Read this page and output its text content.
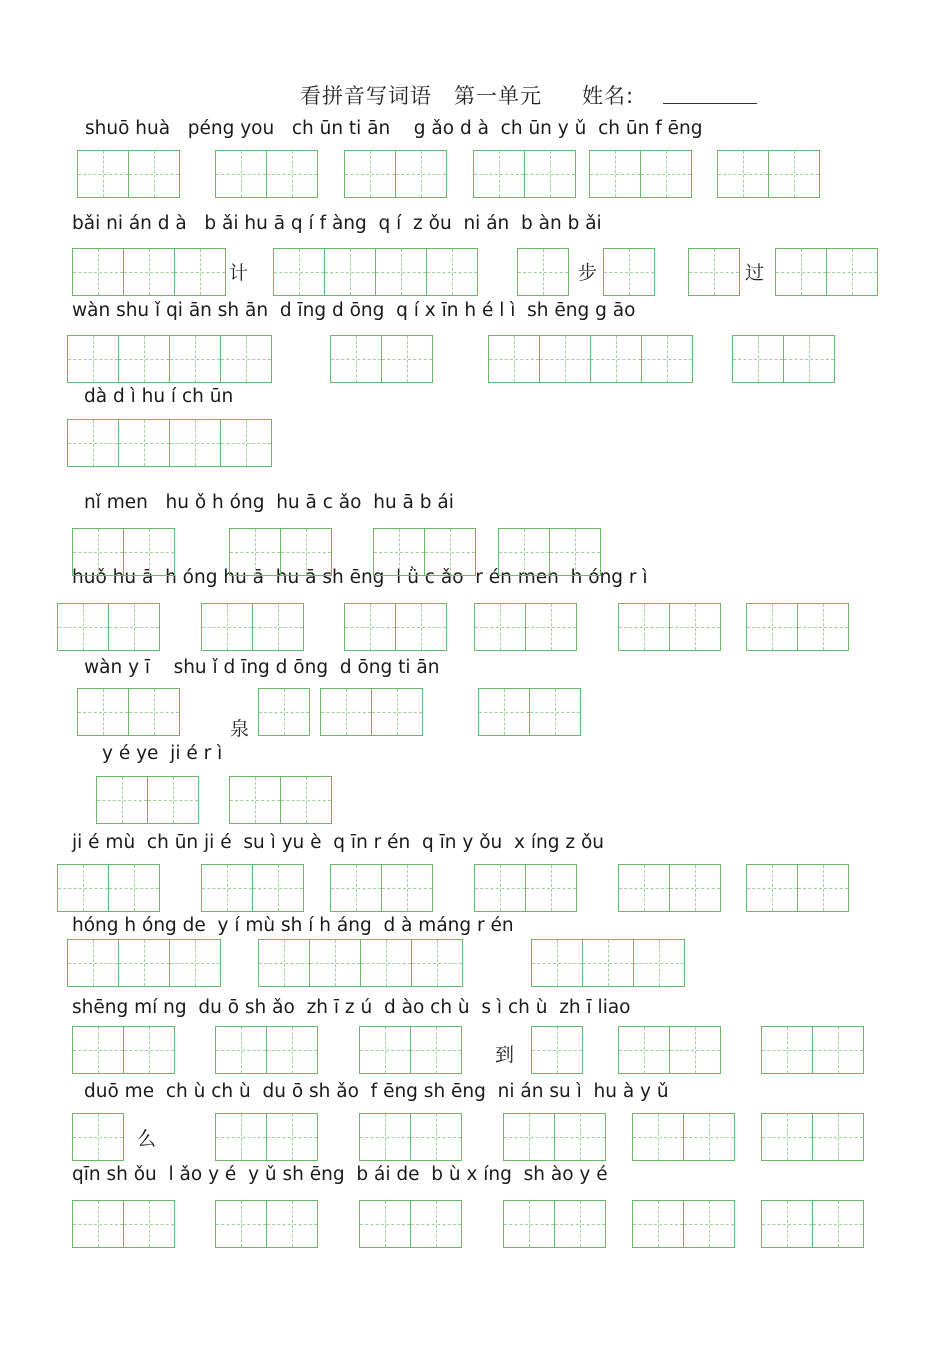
看拼音写词语 第一单元 姓名:
shuō huà   péng you   ch ūn ti ān    g ǎo d à  ch ūn y ǔ  ch ūn f ēng
bǎi ni án d à   b ǎi hu ā q í f àng  q í  z ǒu  ni án  b àn b ǎi
wàn shu ǐ qi ān sh ān  d īng d ōng  q í x īn h é l ì  sh ēng g āo
dà d ì hu í ch ūn
nǐ men   hu ǒ h óng  hu ā c ǎo  hu ā b ái
huǒ hu ā  h óng hu ā  hu ā sh ēng  l ǜ c ǎo  r én men  h óng r ì
wàn y ī    shu ǐ d īng d ōng  d ōng ti ān
y é ye  ji é r ì
ji é mù  ch ūn ji é  su ì yu è  q īn r én  q īn y ǒu  x íng z ǒu
hóng h óng de  y í mù sh í h áng  d à máng r én
shēng mí ng  du ō sh ǎo  zh ī z ú  d ào ch ù  s ì ch ù  zh ī liao
duō me  ch ù ch ù  du ō sh ǎo  f ēng sh ēng  ni án su ì  hu à y ǔ
qīn sh ǒu  l ǎo y é  y ǔ sh ēng  b ái de  b ù x íng  sh ào y é
计	步	过
泉
到
么
